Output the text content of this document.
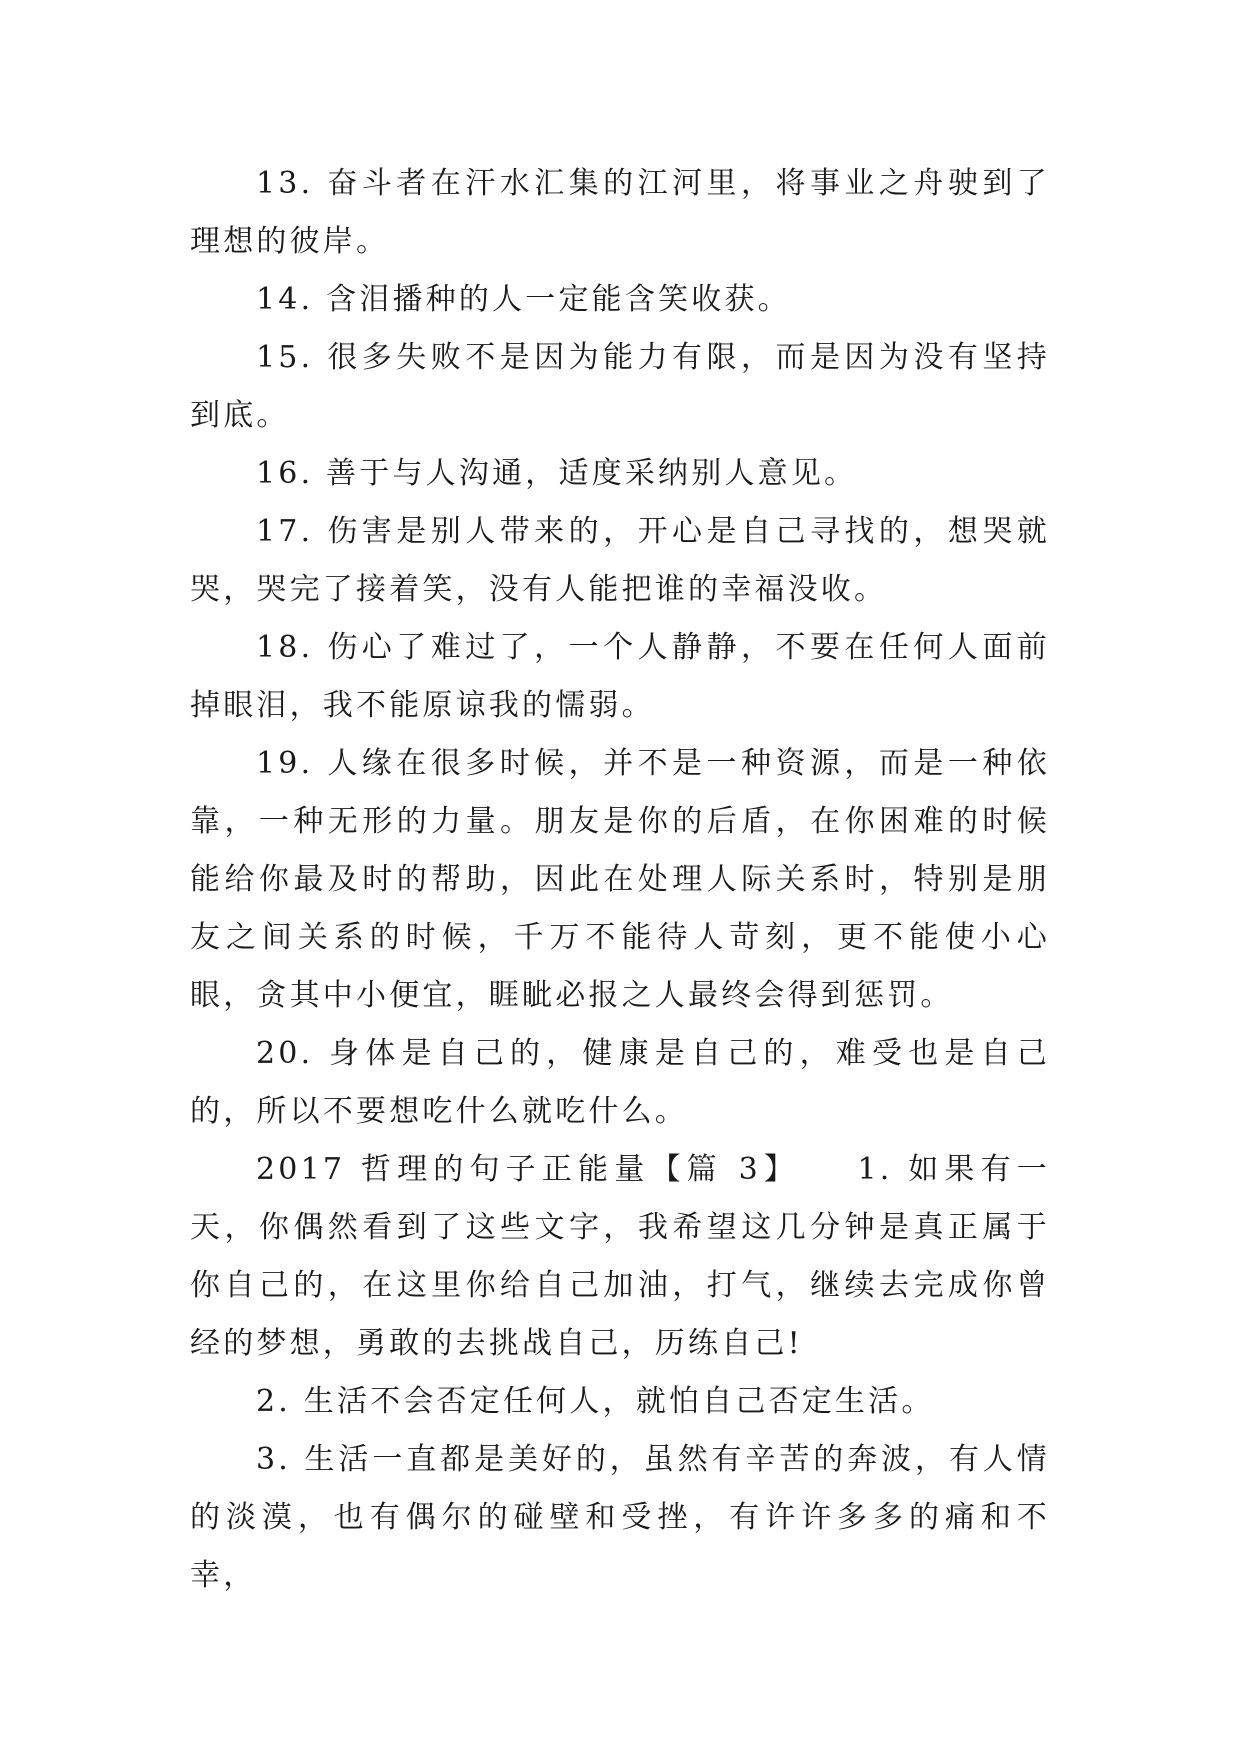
13. 奋斗者在汗水汇集的江河里，将事业之舟驶到了理想的彼岸。

14. 含泪播种的人一定能含笑收获。

15. 很多失败不是因为能力有限，而是因为没有坚持到底。

16. 善于与人沟通，适度采纳别人意见。

17. 伤害是别人带来的，开心是自己寻找的，想哭就哭，哭完了接着笑，没有人能把谁的幸福没收。

18. 伤心了难过了，一个人静静，不要在任何人面前掉眼泪，我不能原谅我的懦弱。

19. 人缘在很多时候，并不是一种资源，而是一种依靠，一种无形的力量。朋友是你的后盾，在你困难的时候能给你最及时的帮助，因此在处理人际关系时，特别是朋友之间关系的时候，千万不能待人苛刻，更不能使小心眼，贪其中小便宜，睚眦必报之人最终会得到惩罚。

20. 身体是自己的，健康是自己的，难受也是自己的，所以不要想吃什么就吃什么。

2017 哲理的句子正能量【篇 3】　　1. 如果有一天，你偶然看到了这些文字，我希望这几分钟是真正属于你自己的，在这里你给自己加油，打气，继续去完成你曾经的梦想，勇敢的去挑战自己，历练自己!

2. 生活不会否定任何人，就怕自己否定生活。

3. 生活一直都是美好的，虽然有辛苦的奔波，有人情的淡漠，也有偶尔的碰壁和受挫，有许许多多的痛和不幸，
